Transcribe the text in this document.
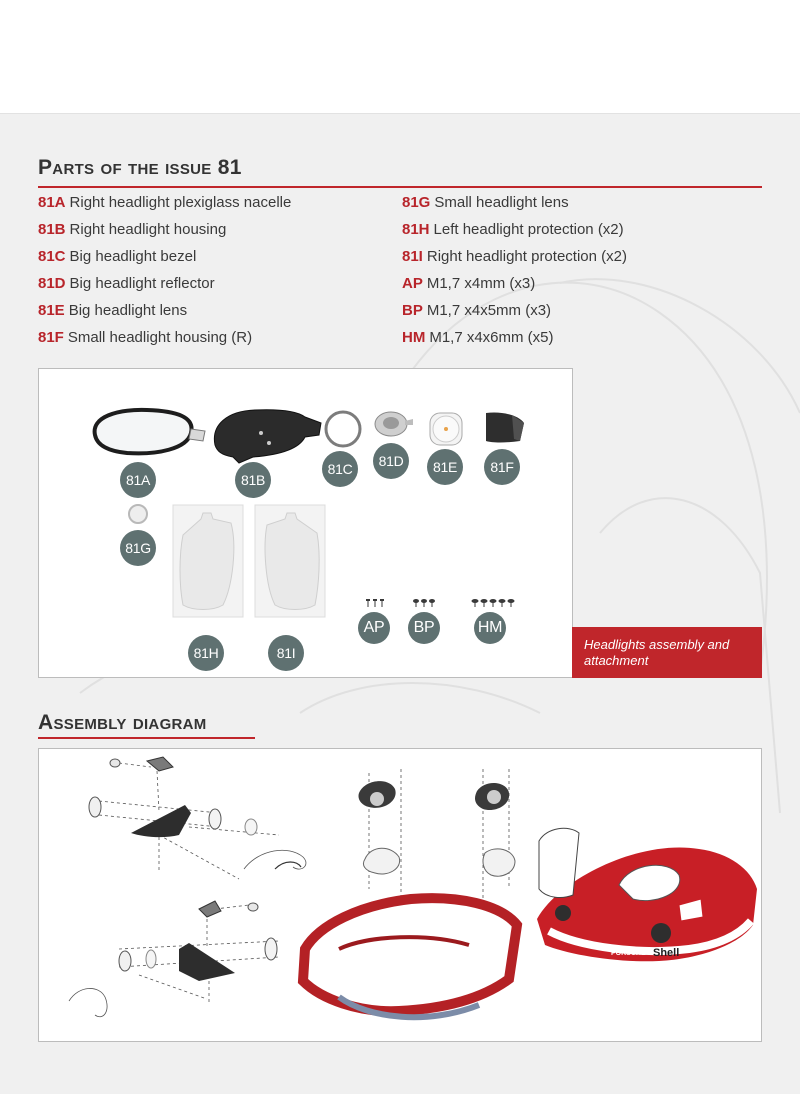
Parts of the issue 81
81A Right headlight plexiglass nacelle
81B Right headlight housing
81C Big headlight bezel
81D Big headlight reflector
81E Big headlight lens
81F Small headlight housing (R)
81G Small headlight lens
81H Left headlight protection (x2)
81I Right headlight protection (x2)
AP M1,7 x4mm (x3)
BP M1,7 x4x5mm (x3)
HM M1,7 x4x6mm (x5)
81A	81B
81C	81D	81E	81F
81G
81H	81I
AP	BP	HM
Headlights assembly and attachment
Assembly diagram
PORSCHE Shell
